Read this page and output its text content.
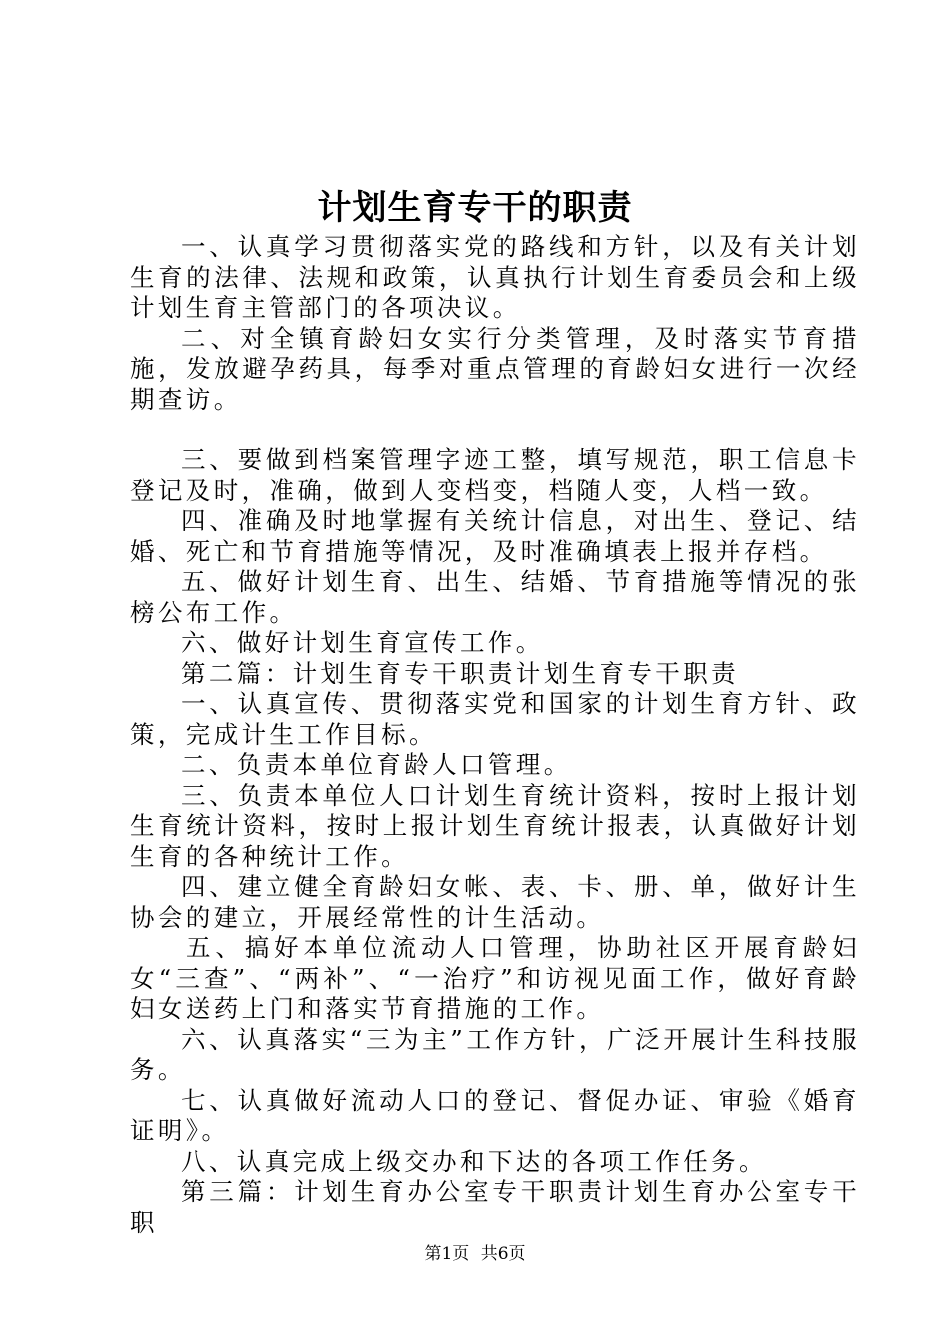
计划生育专干的职责

一、认真学习贯彻落实党的路线和方针，以及有关计划生育的法律、法规和政策，认真执行计划生育委员会和上级计划生育主管部门的各项决议。

二、对全镇育龄妇女实行分类管理，及时落实节育措施，发放避孕药具，每季对重点管理的育龄妇女进行一次经期查访。

三、要做到档案管理字迹工整，填写规范，职工信息卡登记及时，准确，做到人变档变，档随人变，人档一致。

四、准确及时地掌握有关统计信息，对出生、登记、结婚、死亡和节育措施等情况，及时准确填表上报并存档。

五、做好计划生育、出生、结婚、节育措施等情况的张榜公布工作。

六、做好计划生育宣传工作。

第二篇：计划生育专干职责计划生育专干职责

一、认真宣传、贯彻落实党和国家的计划生育方针、政策，完成计生工作目标。

二、负责本单位育龄人口管理。

三、负责本单位人口计划生育统计资料，按时上报计划生育统计资料，按时上报计划生育统计报表，认真做好计划生育的各种统计工作。

四、建立健全育龄妇女帐、表、卡、册、单，做好计生协会的建立，开展经常性的计生活动。

五、搞好本单位流动人口管理，协助社区开展育龄妇女“三查”、“两补”、“一治疗”和访视见面工作，做好育龄妇女送药上门和落实节育措施的工作。

六、认真落实“三为主”工作方针，广泛开展计生科技服务。

七、认真做好流动人口的登记、督促办证、审验《婚育证明》。

八、认真完成上级交办和下达的各项工作任务。

第三篇：计划生育办公室专干职责计划生育办公室专干职

第1页 共6页
